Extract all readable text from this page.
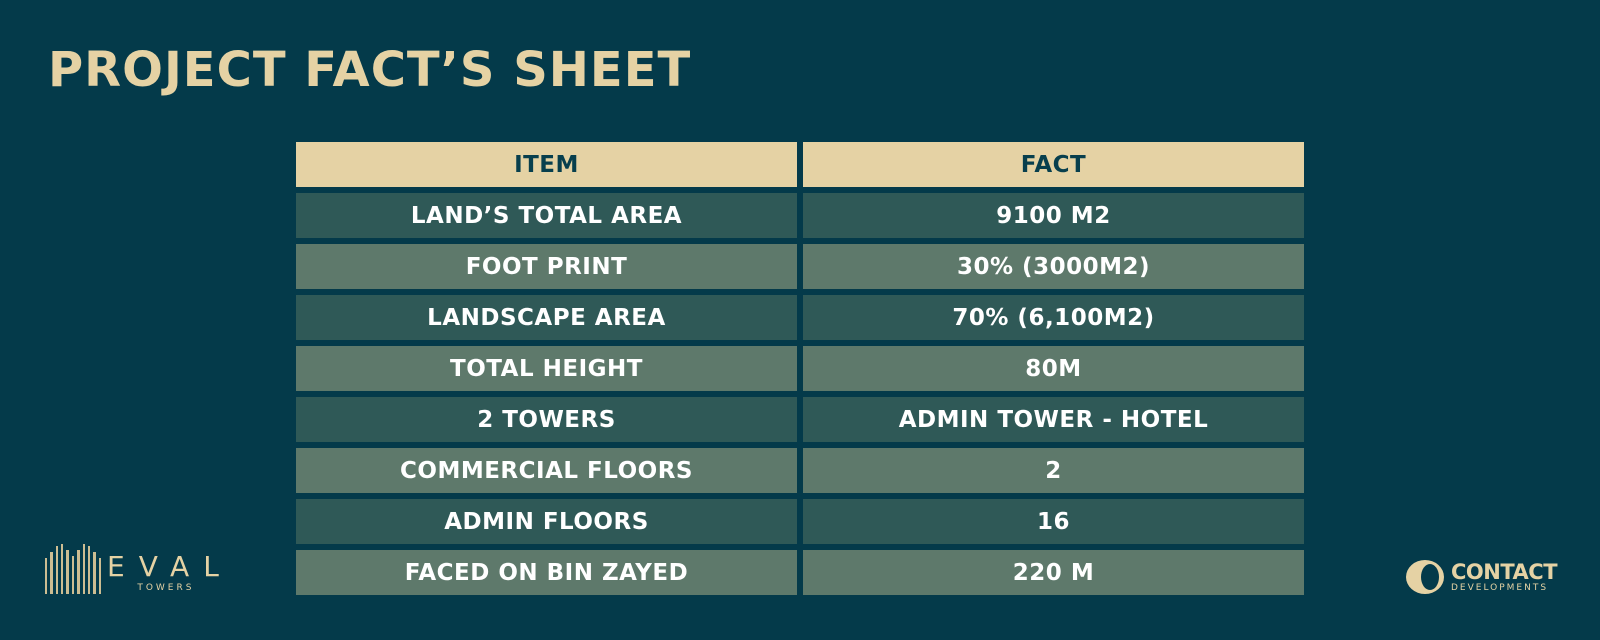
PROJECT FACT’S SHEET
ITEM	FACT
LAND’S TOTAL AREA	9100 M2
FOOT PRINT	30% (3000M2)
LANDSCAPE AREA	70% (6,100M2)
TOTAL HEIGHT	80M
2 TOWERS	ADMIN TOWER - HOTEL
COMMERCIAL FLOORS	2
ADMIN FLOORS	16
FACED ON BIN ZAYED	220 M
EVAL
TOWERS
CONTACT
DEVELOPMENTS
